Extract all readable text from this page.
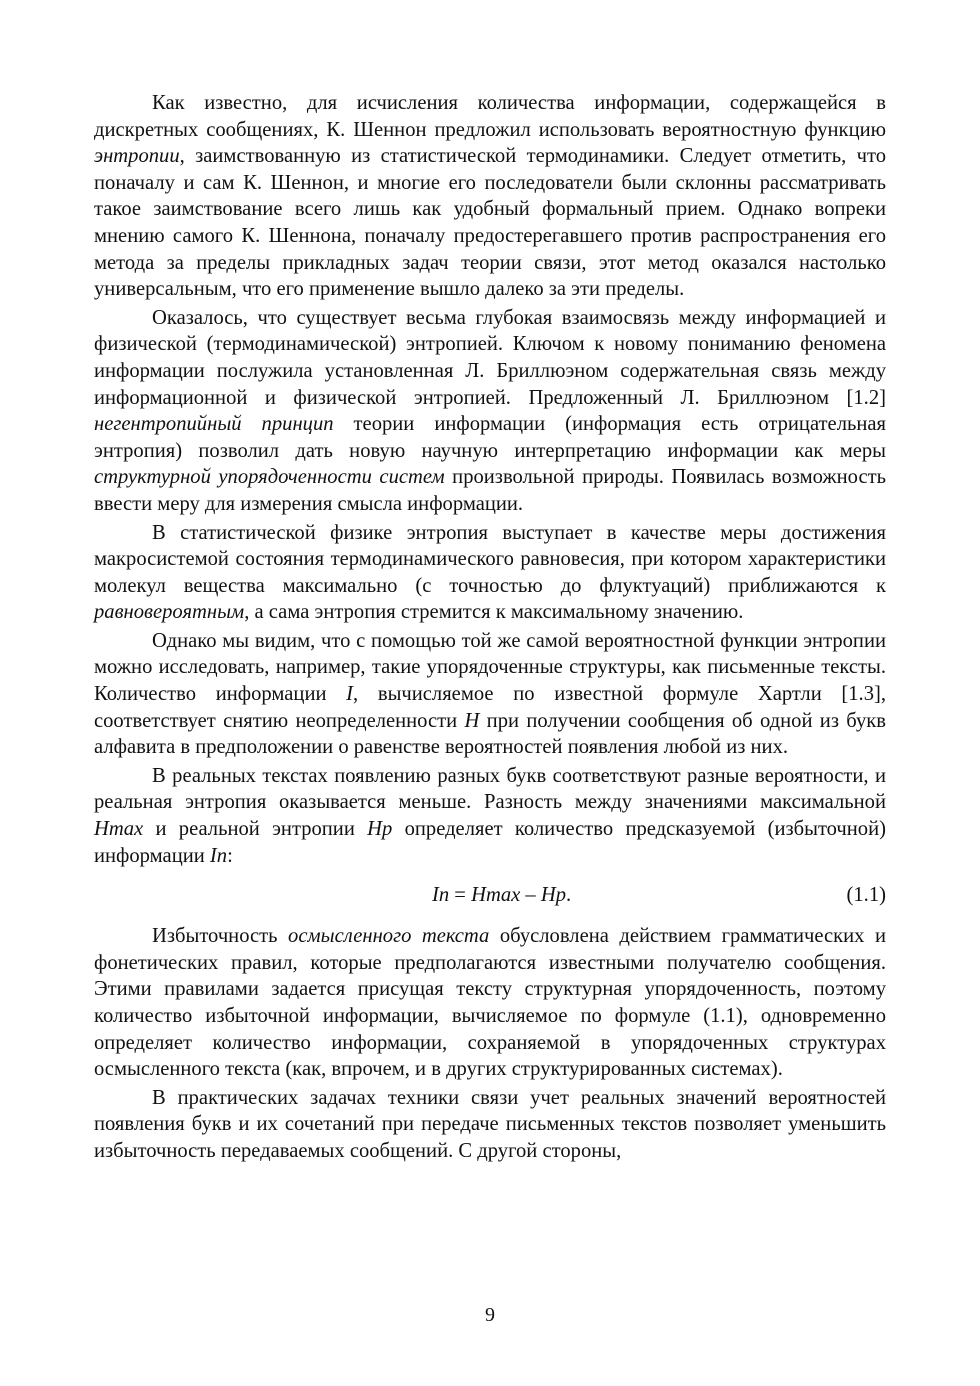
Как известно, для исчисления количества информации, содержащейся в дискретных сообщениях, К. Шеннон предложил использовать вероятностную функцию энтропии, заимствованную из статистической термодинамики. Следует отметить, что поначалу и сам К. Шеннон, и многие его последователи были склонны рассматривать такое заимствование всего лишь как удобный формальный прием. Однако вопреки мнению самого К. Шеннона, поначалу предостерегавшего против распространения его метода за пределы прикладных задач теории связи, этот метод оказался настолько универсальным, что его применение вышло далеко за эти пределы.

Оказалось, что существует весьма глубокая взаимосвязь между информацией и физической (термодинамической) энтропией. Ключом к новому пониманию феномена информации послужила установленная Л. Бриллюэном содержательная связь между информационной и физической энтропией. Предложенный Л. Бриллюэном [1.2] негентропийный принцип теории информации (информация есть отрицательная энтропия) позволил дать новую научную интерпретацию информации как меры структурной упорядоченности систем произвольной природы. Появилась возможность ввести меру для измерения смысла информации.

В статистической физике энтропия выступает в качестве меры достижения макросистемой состояния термодинамического равновесия, при котором характеристики молекул вещества максимально (с точностью до флуктуаций) приближаются к равновероятным, а сама энтропия стремится к максимальному значению.

Однако мы видим, что с помощью той же самой вероятностной функции энтропии можно исследовать, например, такие упорядоченные структуры, как письменные тексты. Количество информации I, вычисляемое по известной формуле Хартли [1.3], соответствует снятию неопределенности H при получении сообщения об одной из букв алфавита в предположении о равенстве вероятностей появления любой из них.

В реальных текстах появлению разных букв соответствуют разные вероятности, и реальная энтропия оказывается меньше. Разность между значениями максимальной Hmax и реальной энтропии Hp определяет количество предсказуемой (избыточной) информации In:

In = Hmax – Hp.	(1.1)

Избыточность осмысленного текста обусловлена действием грамматических и фонетических правил, которые предполагаются известными получателю сообщения. Этими правилами задается присущая тексту структурная упорядоченность, поэтому количество избыточной информации, вычисляемое по формуле (1.1), одновременно определяет количество информации, сохраняемой в упорядоченных структурах осмысленного текста (как, впрочем, и в других структурированных системах).

В практических задачах техники связи учет реальных значений вероятностей появления букв и их сочетаний при передаче письменных текстов позволяет уменьшить избыточность передаваемых сообщений. С другой стороны,

9
